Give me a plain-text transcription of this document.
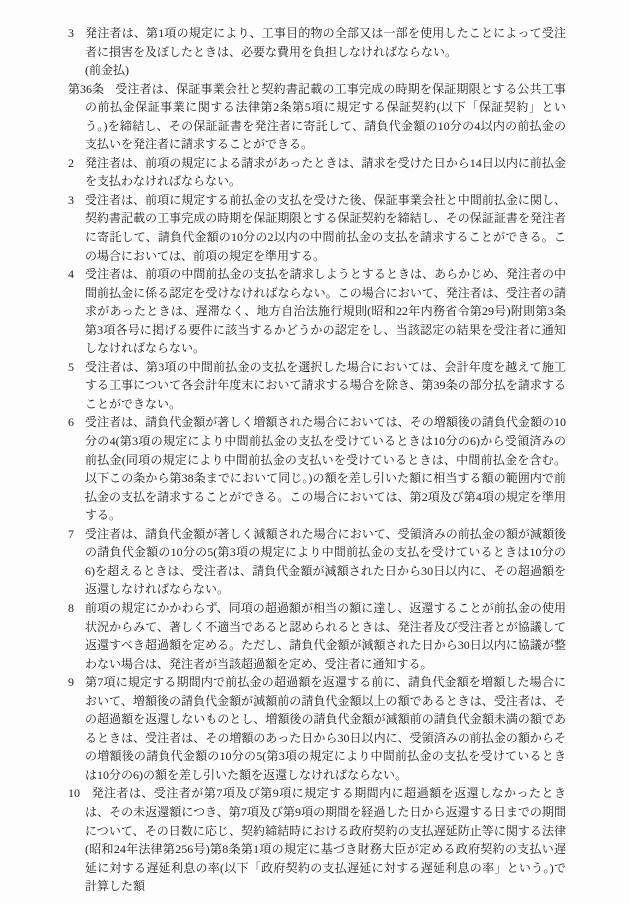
3 発注者は、第1項の規定により、工事目的物の全部又は一部を使用したことによって受注者に損害を及ぼしたときは、必要な費用を負担しなければならない。

(前金払)

第36条 受注者は、保証事業会社と契約書記載の工事完成の時期を保証期限とする公共工事の前払金保証事業に関する法律第2条第5項に規定する保証契約(以下「保証契約」という。)を締結し、その保証証書を発注者に寄託して、請負代金額の10分の4以内の前払金の支払いを発注者に請求することができる。

2 発注者は、前項の規定による請求があったときは、請求を受けた日から14日以内に前払金を支払わなければならない。

3 受注者は、前項に規定する前払金の支払を受けた後、保証事業会社と中間前払金に関し、契約書記載の工事完成の時期を保証期限とする保証契約を締結し、その保証証書を発注者に寄託して、請負代金額の10分の2以内の中間前払金の支払を請求することができる。この場合においては、前項の規定を準用する。

4 受注者は、前項の中間前払金の支払を請求しようとするときは、あらかじめ、発注者の中間前払金に係る認定を受けなければならない。この場合において、発注者は、受注者の請求があったときは、遅滞なく、地方自治法施行規則(昭和22年内務省令第29号)附則第3条第3項各号に掲げる要件に該当するかどうかの認定をし、当該認定の結果を受注者に通知しなければならない。

5 受注者は、第3項の中間前払金の支払を選択した場合においては、会計年度を越えて施工する工事について各会計年度末において請求する場合を除き、第39条の部分払を請求することができない。

6 受注者は、請負代金額が著しく増額された場合においては、その増額後の請負代金額の10分の4(第3項の規定により中間前払金の支払を受けているときは10分の6)から受領済みの前払金(同項の規定により中間前払金の支払いを受けているときは、中間前払金を含む。以下この条から第38条までにおいて同じ。)の額を差し引いた額に相当する額の範囲内で前払金の支払を請求することができる。この場合においては、第2項及び第4項の規定を準用する。

7 受注者は、請負代金額が著しく減額された場合において、受領済みの前払金の額が減額後の請負代金額の10分の5(第3項の規定により中間前払金の支払を受けているときは10分の6)を超えるときは、受注者は、請負代金額が減額された日から30日以内に、その超過額を返還しなければならない。

8 前項の規定にかかわらず、同項の超過額が相当の額に達し、返還することが前払金の使用状況からみて、著しく不適当であると認められるときは、発注者及び受注者とが協議して返還すべき超過額を定める。ただし、請負代金額が減額された日から30日以内に協議が整わない場合は、発注者が当該超過額を定め、受注者に通知する。

9 第7項に規定する期間内で前払金の超過額を返還する前に、請負代金額を増額した場合において、増額後の請負代金額が減額前の請負代金額以上の額であるときは、受注者は、その超過額を返還しないものとし、増額後の請負代金額が減額前の請負代金額未満の額であるときは、受注者は、その増額のあった日から30日以内に、受領済みの前払金の額からその増額後の請負代金額の10分の5(第3項の規定により中間前払金の支払を受けているときは10分の6)の額を差し引いた額を返還しなければならない。

10 発注者は、受注者が第7項及び第9項に規定する期間内に超過額を返還しなかったときは、その未返還額につき、第7項及び第9項の期間を経過した日から返還する日までの期間について、その日数に応じ、契約締結時における政府契約の支払遅延防止等に関する法律(昭和24年法律第256号)第8条第1項の規定に基づき財務大臣が定める政府契約の支払い遅延に対する遅延利息の率(以下「政府契約の支払遅延に対する遅延利息の率」という。)で計算した額
